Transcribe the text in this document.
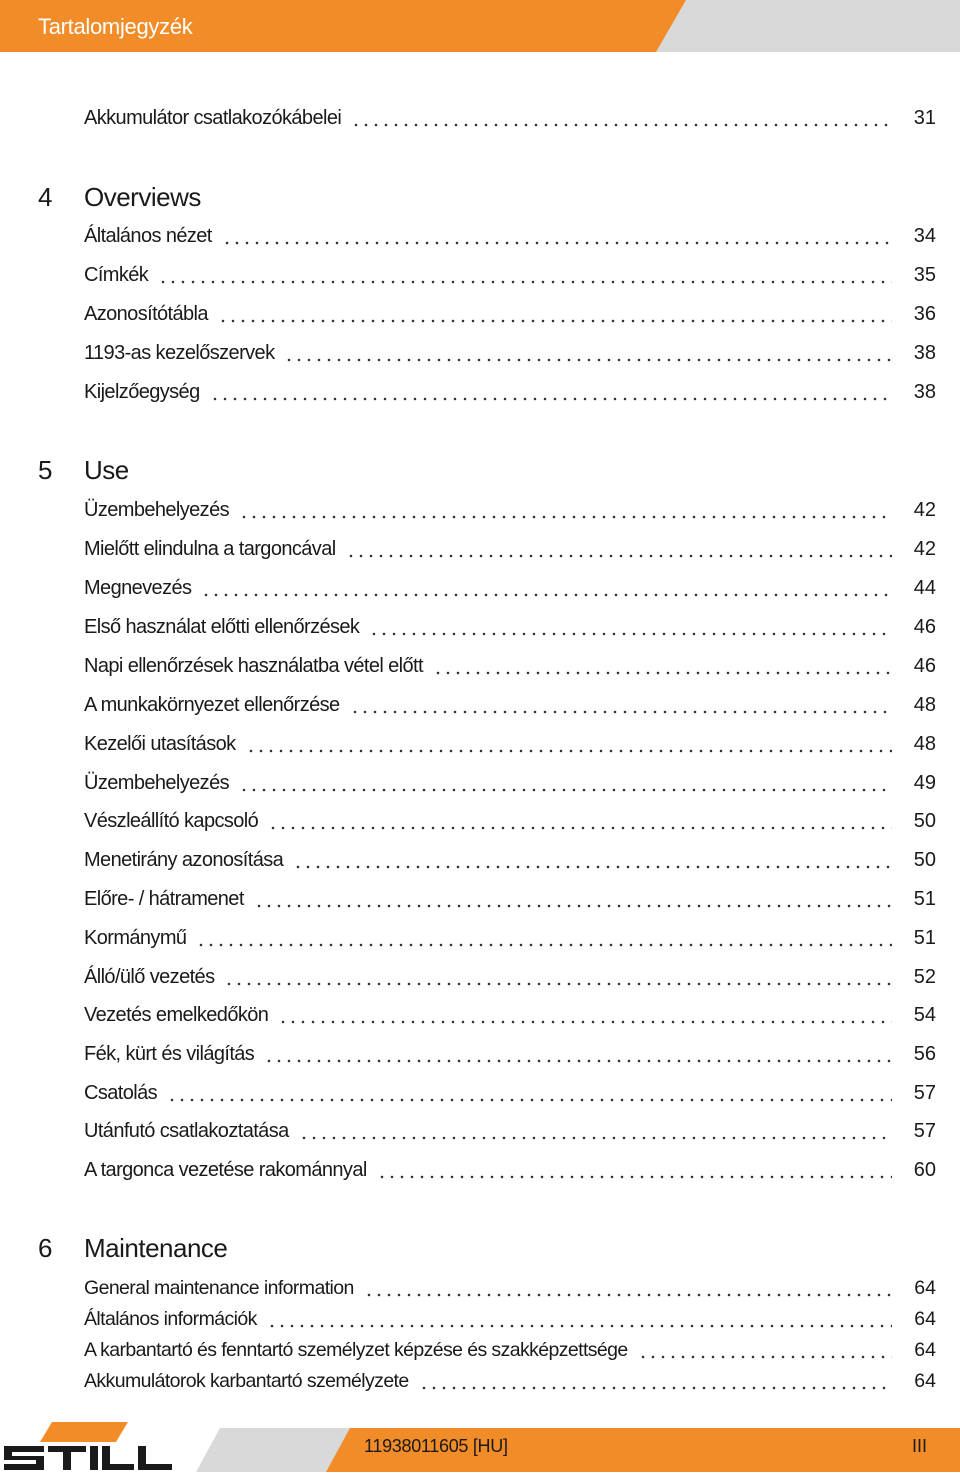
Tartalomjegyzék
Akkumulátor csatlakozókábelei	31
4	Overviews
Általános nézet	34
Címkék	35
Azonosítótábla	36
1193-as kezelőszervek	38
Kijelzőegység	38
5	Use
Üzembehelyezés	42
Mielőtt elindulna a targoncával	42
Megnevezés	44
Első használat előtti ellenőrzések	46
Napi ellenőrzések használatba vétel előtt	46
A munkakörnyezet ellenőrzése	48
Kezelői utasítások	48
Üzembehelyezés	49
Vészleállító kapcsoló	50
Menetirány azonosítása	50
Előre- / hátramenet	51
Kormánymű	51
Álló/ülő vezetés	52
Vezetés emelkedőkön	54
Fék, kürt és világítás	56
Csatolás	57
Utánfutó csatlakoztatása	57
A targonca vezetése rakománnyal	60
6	Maintenance
General maintenance information	64
Általános információk	64
A karbantartó és fenntartó személyzet képzése és szakképzettsége	64
Akkumulátorok karbantartó személyzete	64
11938011605 [HU]	III
